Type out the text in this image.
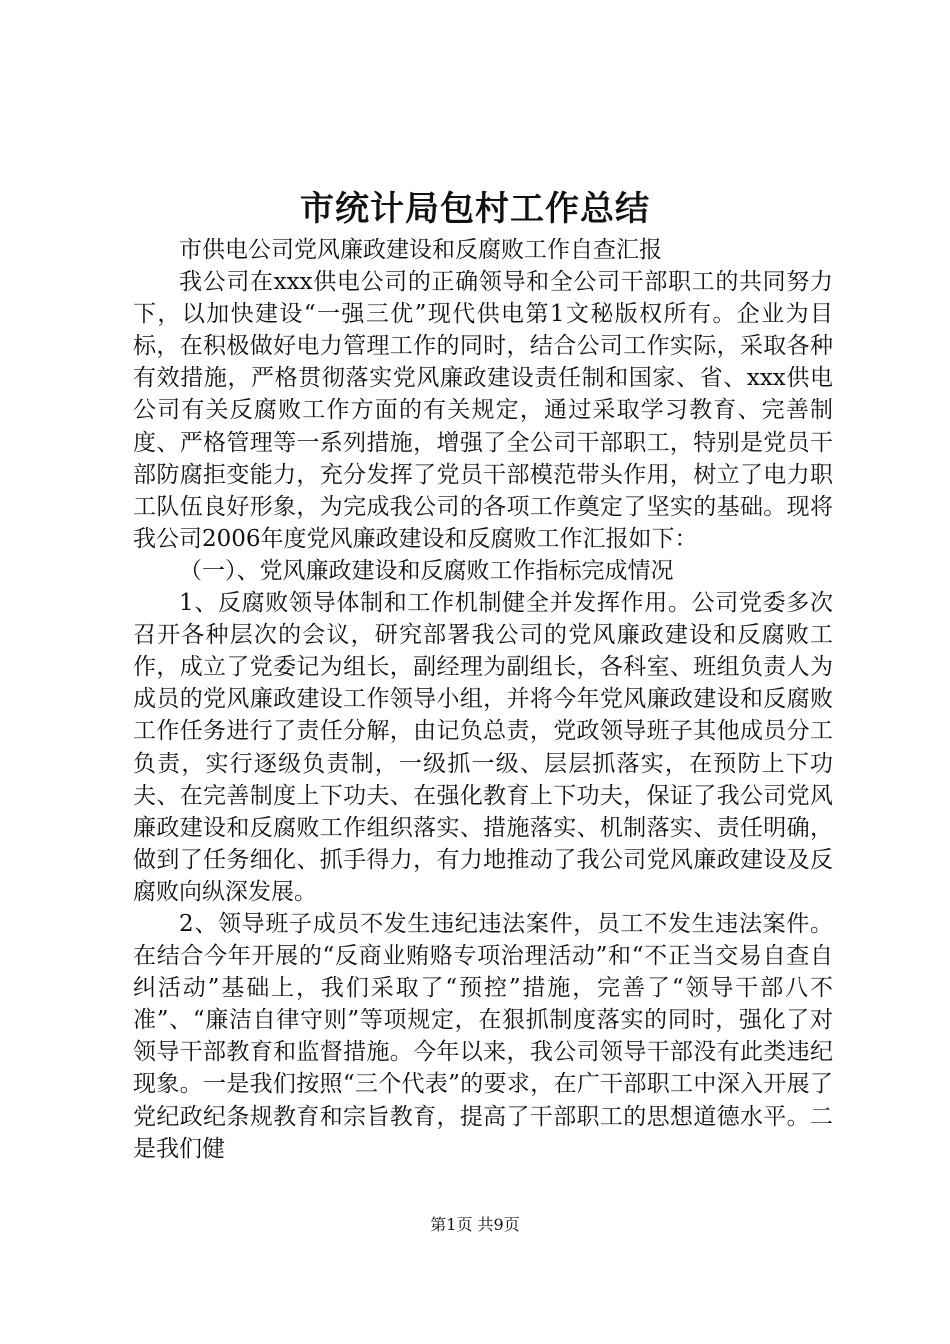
市统计局包村工作总结

市供电公司党风廉政建设和反腐败工作自查汇报

我公司在xxx供电公司的正确领导和全公司干部职工的共同努力下，以加快建设“一强三优”现代供电第1文秘版权所有。企业为目标，在积极做好电力管理工作的同时，结合公司工作实际，采取各种有效措施，严格贯彻落实党风廉政建设责任制和国家、省、xxx供电公司有关反腐败工作方面的有关规定，通过采取学习教育、完善制度、严格管理等一系列措施，增强了全公司干部职工，特别是党员干部防腐拒变能力，充分发挥了党员干部模范带头作用，树立了电力职工队伍良好形象，为完成我公司的各项工作奠定了坚实的基础。现将我公司2006年度党风廉政建设和反腐败工作汇报如下：

（一）、党风廉政建设和反腐败工作指标完成情况

1、反腐败领导体制和工作机制健全并发挥作用。公司党委多次召开各种层次的会议，研究部署我公司的党风廉政建设和反腐败工作，成立了党委记为组长，副经理为副组长，各科室、班组负责人为成员的党风廉政建设工作领导小组，并将今年党风廉政建设和反腐败工作任务进行了责任分解，由记负总责，党政领导班子其他成员分工负责，实行逐级负责制，一级抓一级、层层抓落实，在预防上下功夫、在完善制度上下功夫、在强化教育上下功夫，保证了我公司党风廉政建设和反腐败工作组织落实、措施落实、机制落实、责任明确，做到了任务细化、抓手得力，有力地推动了我公司党风廉政建设及反腐败向纵深发展。

2、领导班子成员不发生违纪违法案件，员工不发生违法案件。在结合今年开展的“反商业贿赂专项治理活动”和“不正当交易自查自纠活动”基础上，我们采取了“预控”措施，完善了“领导干部八不准”、“廉洁自律守则”等项规定，在狠抓制度落实的同时，强化了对领导干部教育和监督措施。今年以来，我公司领导干部没有此类违纪现象。一是我们按照“三个代表”的要求，在广干部职工中深入开展了党纪政纪条规教育和宗旨教育，提高了干部职工的思想道德水平。二是我们健

第1页 共9页
